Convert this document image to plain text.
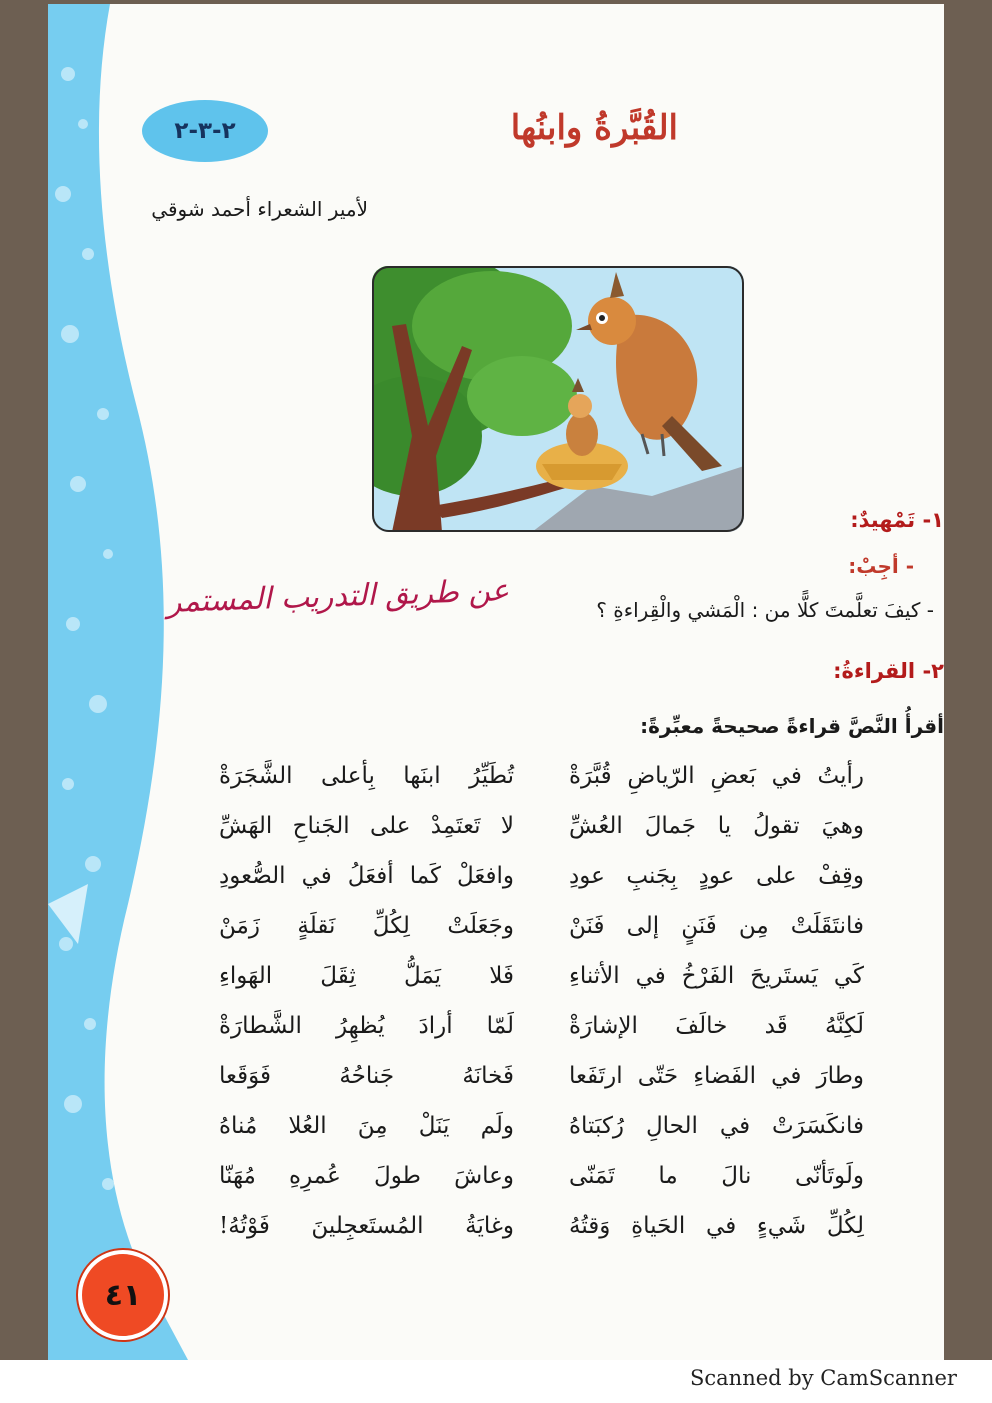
٢-٣-٢	القُبَّرةُ وابنُها
لأمير الشعراء أحمد شوقي
١- تَمْهيدٌ:
- أجِبْ:
- كيفَ تعلَّمتَ كلًّا من : الْمَشي والْقِراءةِ ؟
عن طريق التدريب المستمر
٢- القراءةُ:
أقرأُ النَّصَّ قراءةً صحيحةً معبِّرةً:
رأيتُ في بَعضِ الرّياضِ قُبَّرَةْ
تُطَيِّرُ ابنَها بِأعلى الشَّجَرَةْ
وهيَ تقولُ يا جَمالَ العُشِّ
لا تَعتَمِدْ على الجَناحِ الهَشِّ
وقِفْ على عودٍ بِجَنبِ عودِ
وافعَلْ كَما أفعَلُ في الصُّعودِ
فانتَقَلَتْ مِن فَنَنٍ إلى فَنَنْ
وجَعَلَتْ لِكُلِّ نَقلَةٍ زَمَنْ
كَي يَستَريحَ الفَرْخُ في الأثناءِ
فَلا يَمَلُّ ثِقَلَ الهَواءِ
لَكِنَّهُ قَد خالَفَ الإشارَةْ
لَمّا أرادَ يُظهِرُ الشَّطارَةْ
وطارَ في الفَضاءِ حَتّى ارتَفَعا
فَخانَهُ جَناحُهُ فَوَقَعا
فانكَسَرَتْ في الحالِ رُكبَتاهُ
ولَم يَنَلْ مِنَ العُلا مُناهُ
ولَوتَأنّى نالَ ما تَمَنّى
وعاشَ طولَ عُمرِهِ مُهَنّا
لِكُلِّ شَيءٍ في الحَياةِ وَقتُهُ
وغايَةُ المُستَعجِلينَ فَوْتُهُ!
٤١
Scanned by CamScanner
